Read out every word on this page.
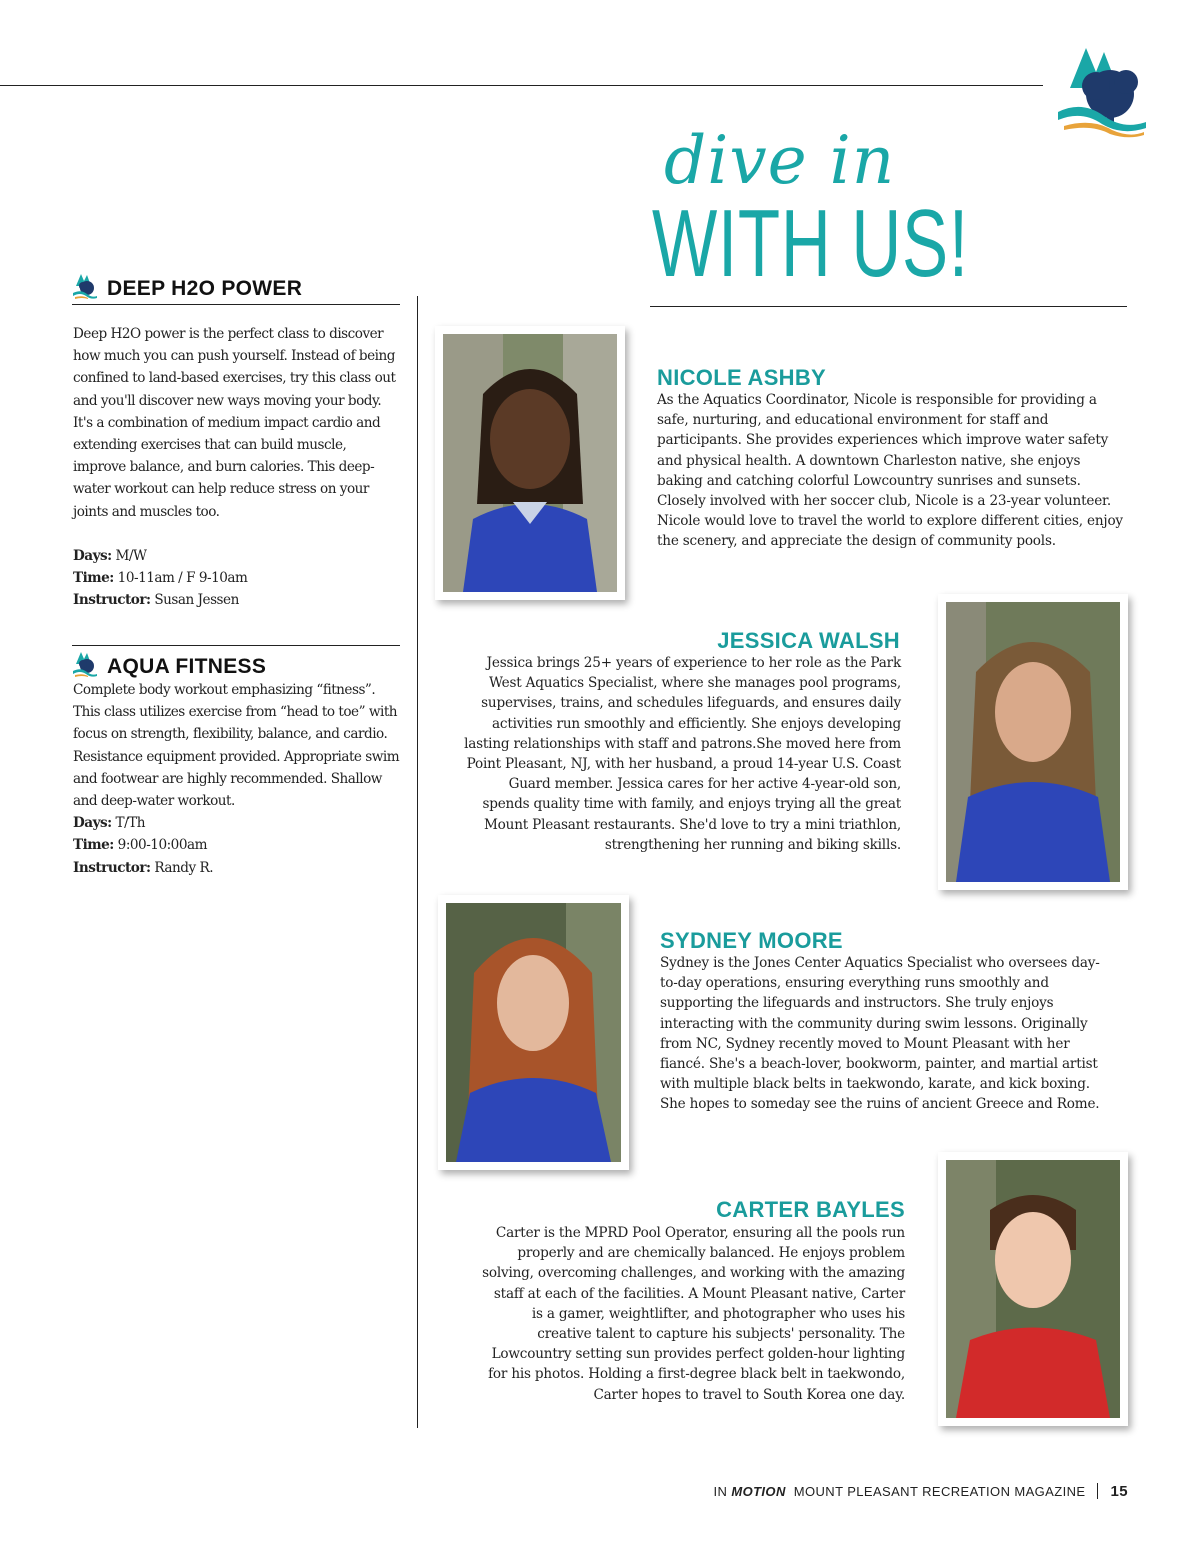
dive in
WITH US!
DEEP H2O POWER

Deep H2O power is the perfect class to discover how much you can push yourself. Instead of being confined to land-based exercises, try this class out and you'll discover new ways moving your body. It's a combination of medium impact cardio and extending exercises that can build muscle, improve balance, and burn calories. This deep-water workout can help reduce stress on your joints and muscles too.

Days: M/W

Time: 10-11am / F 9-10am

Instructor: Susan Jessen

AQUA FITNESS

Complete body workout emphasizing “fitness”. This class utilizes exercise from “head to toe” with focus on strength, flexibility, balance, and cardio. Resistance equipment provided. Appropriate swim and footwear are highly recommended. Shallow and deep-water workout.

Days: T/Th

Time: 9:00-10:00am

Instructor: Randy R.

NICOLE ASHBY

As the Aquatics Coordinator, Nicole is responsible for providing a safe, nurturing, and educational environment for staff and participants. She provides experiences which improve water safety and physical health. A downtown Charleston native, she enjoys baking and catching colorful Lowcountry sunrises and sunsets. Closely involved with her soccer club, Nicole is a 23-year volunteer. Nicole would love to travel the world to explore different cities, enjoy the scenery, and appreciate the design of community pools.

JESSICA WALSH

Jessica brings 25+ years of experience to her role as the Park West Aquatics Specialist, where she manages pool programs, supervises, trains, and schedules lifeguards, and ensures daily activities run smoothly and efficiently. She enjoys developing lasting relationships with staff and patrons.She moved here from Point Pleasant, NJ, with her husband, a proud 14-year U.S. Coast Guard member. Jessica cares for her active 4-year-old son, spends quality time with family, and enjoys trying all the great Mount Pleasant restaurants. She'd love to try a mini triathlon, strengthening her running and biking skills.

SYDNEY MOORE

Sydney is the Jones Center Aquatics Specialist who oversees day-to-day operations, ensuring everything runs smoothly and supporting the lifeguards and instructors. She truly enjoys interacting with the community during swim lessons. Originally from NC, Sydney recently moved to Mount Pleasant with her fiancé. She's a beach-lover, bookworm, painter, and martial artist with multiple black belts in taekwondo, karate, and kick boxing. She hopes to someday see the ruins of ancient Greece and Rome.

CARTER BAYLES

Carter is the MPRD Pool Operator, ensuring all the pools run properly and are chemically balanced. He enjoys problem solving, overcoming challenges, and working with the amazing staff at each of the facilities. A Mount Pleasant native, Carter is a gamer, weightlifter, and photographer who uses his creative talent to capture his subjects' personality. The Lowcountry setting sun provides perfect golden-hour lighting for his photos. Holding a first-degree black belt in taekwondo, Carter hopes to travel to South Korea one day.

IN MOTION MOUNT PLEASANT RECREATION MAGAZINE 15
